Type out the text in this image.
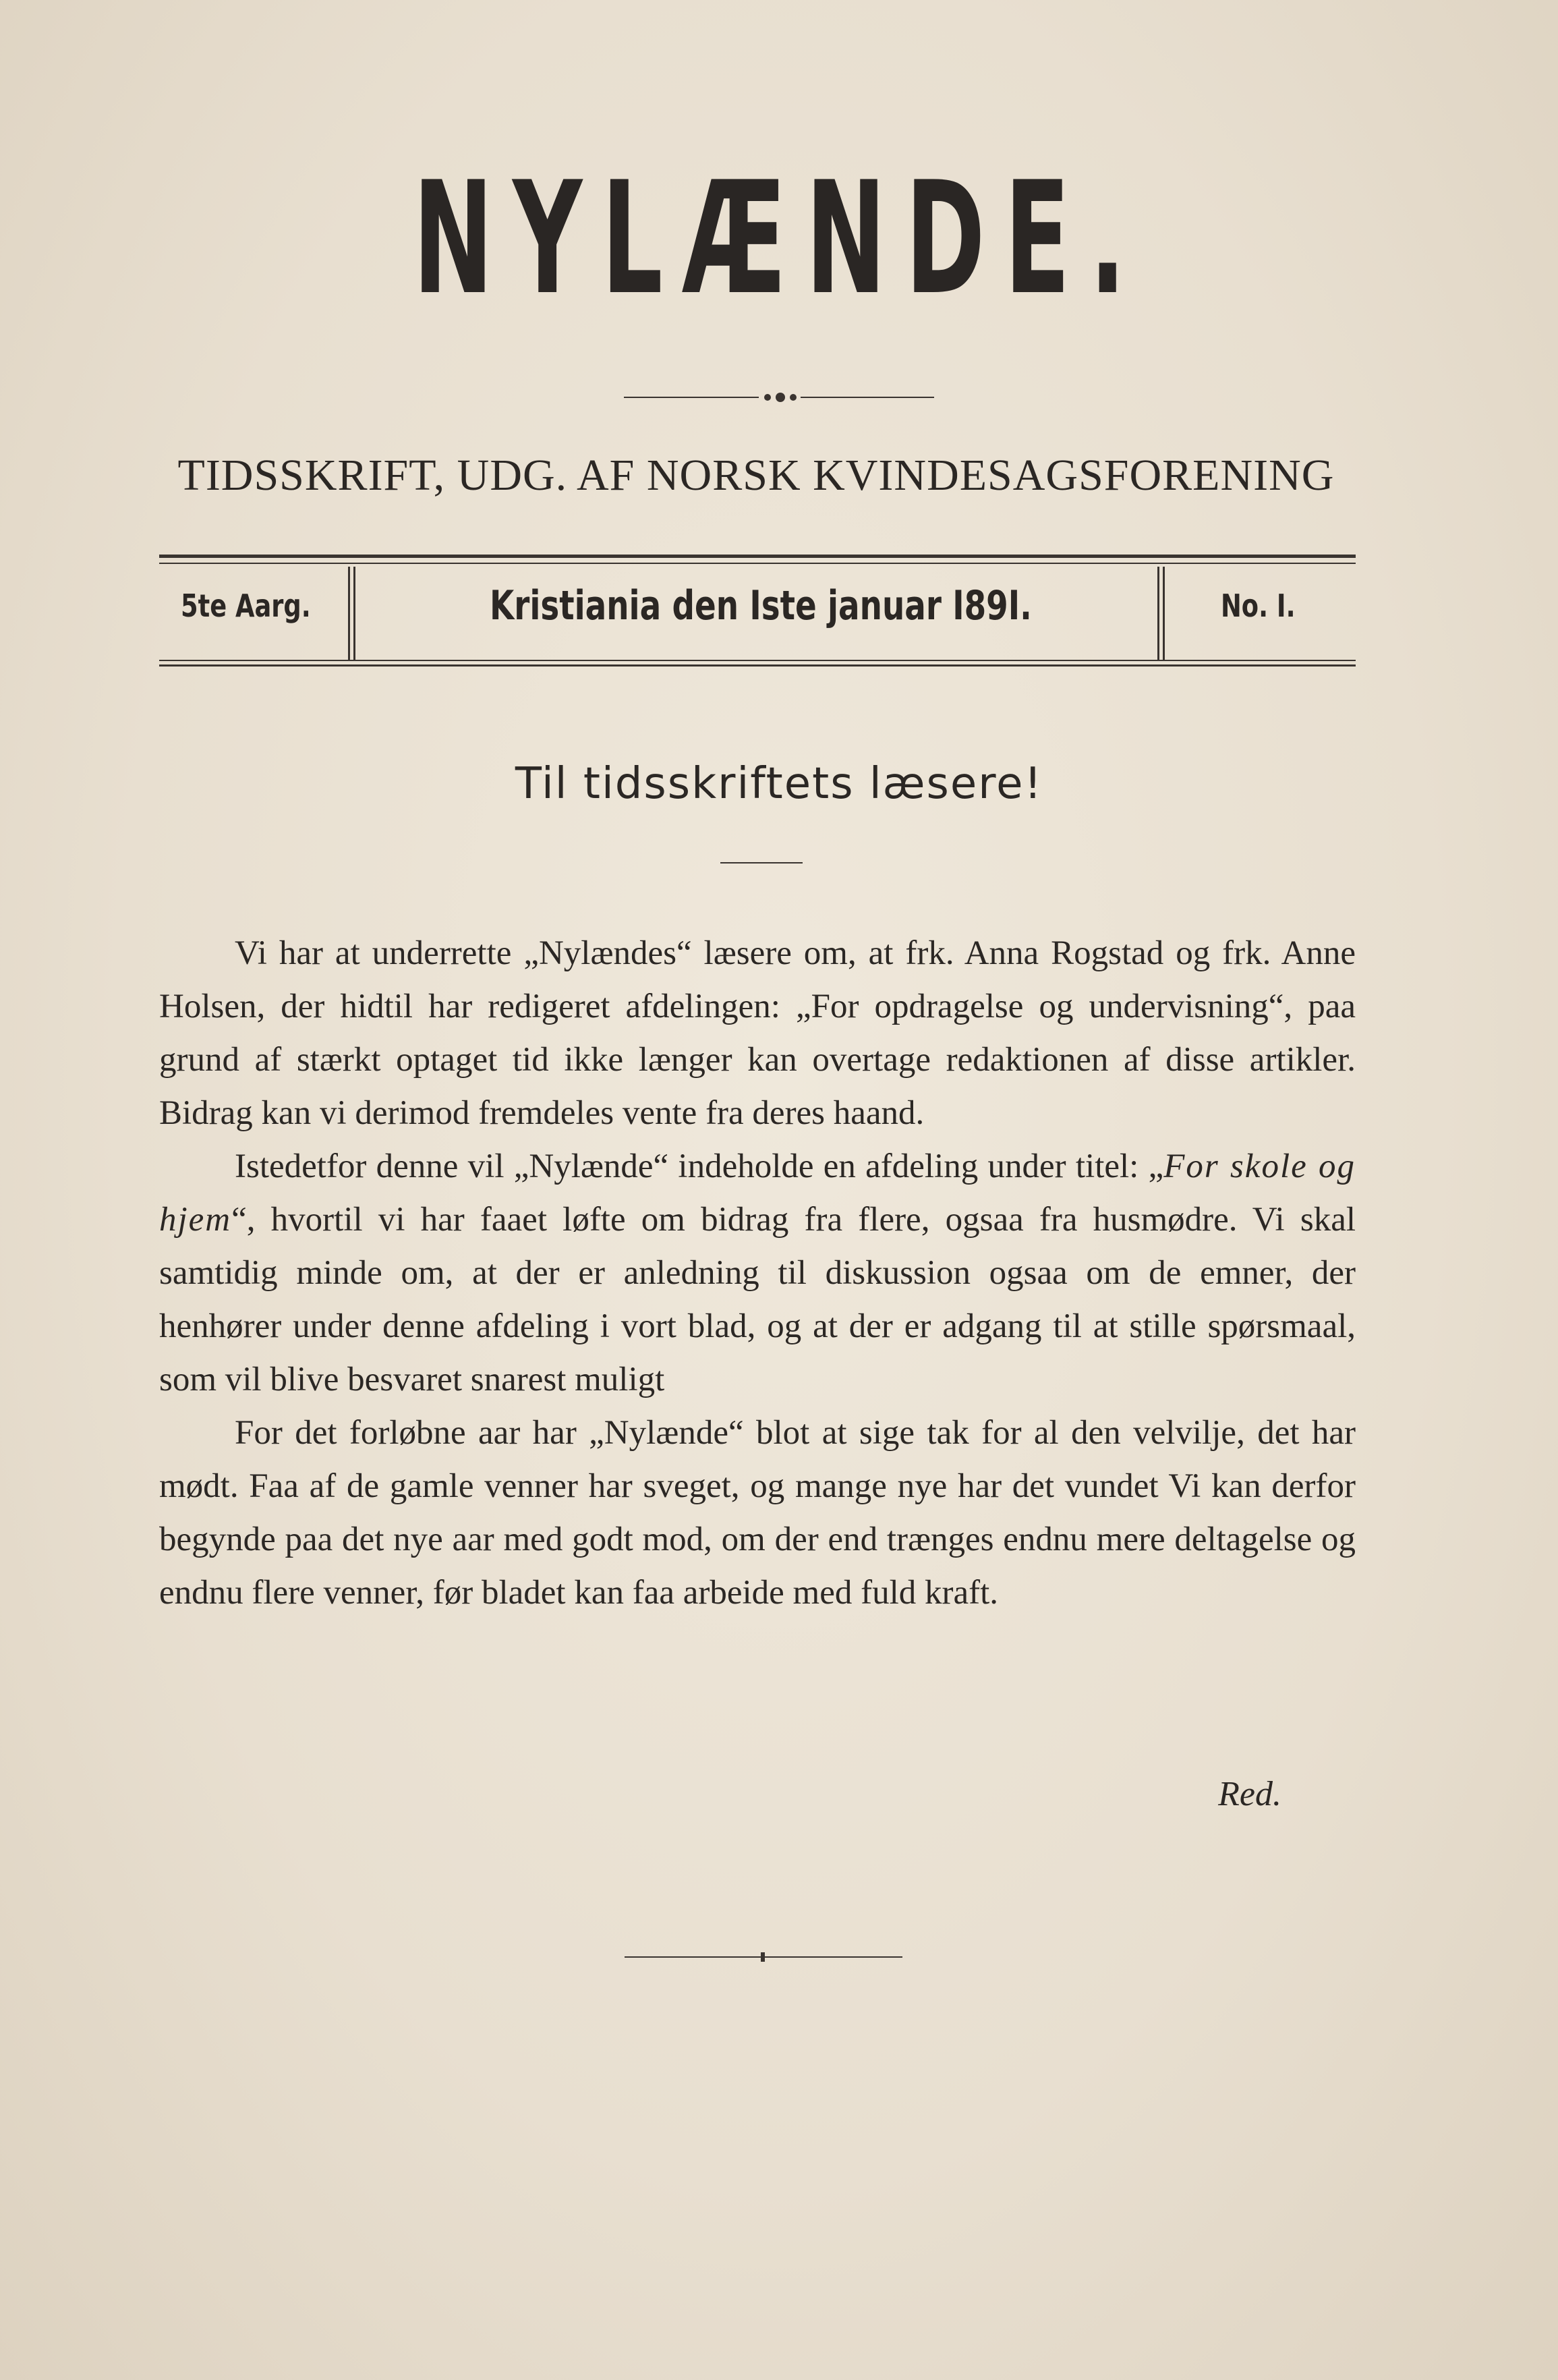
NYLÆNDE.
TIDSSKRIFT, UDG. AF NORSK KVINDESAGSFORENING
5te Aarg.	Kristiania den Iste januar I89I.	No. I.
Til tidsskriftets læsere!

Vi har at underrette „Nylændes“ læsere om, at frk. Anna Rogstad og frk. Anne Holsen, der hidtil har redigeret afdelingen: „For opdragelse og undervisning“, paa grund af stærkt optaget tid ikke længer kan overtage redaktionen af disse artikler. Bidrag kan vi derimod fremdeles vente fra deres haand.

Istedetfor denne vil „Nylænde“ indeholde en afdeling under titel: „For skole og hjem“, hvortil vi har faaet løfte om bidrag fra flere, ogsaa fra husmødre. Vi skal samtidig minde om, at der er anledning til diskussion ogsaa om de emner, der henhører under denne afdeling i vort blad, og at der er adgang til at stille spørsmaal, som vil blive besvaret snarest muligt

For det forløbne aar har „Nylænde“ blot at sige tak for al den velvilje, det har mødt. Faa af de gamle venner har sveget, og mange nye har det vundet Vi kan derfor begynde paa det nye aar med godt mod, om der end trænges endnu mere deltagelse og endnu flere venner, før bladet kan faa arbeide med fuld kraft.

Red.
